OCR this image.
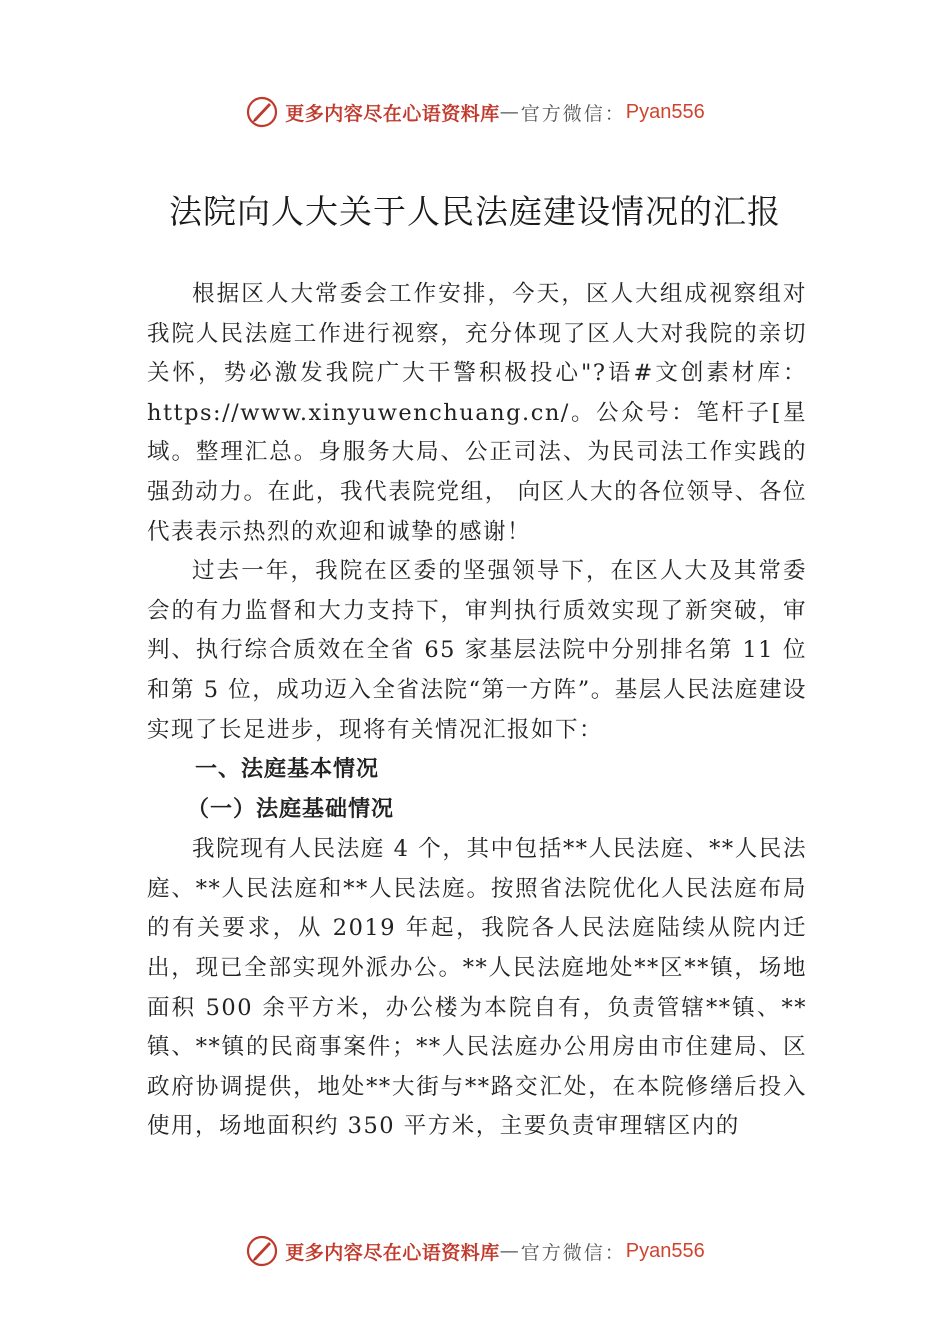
更多内容尽在心语资料库 — 官方微信： Pyan556
法院向人大关于人民法庭建设情况的汇报

根据区人大常委会工作安排，今天，区人大组成视察组对我院人民法庭工作进行视察，充分体现了区人大对我院的亲切关怀，势必激发我院广大干警积极投心"?语#文创素材库：https://www.xinyuwenchuang.cn/。公众号：笔杆子[星域。整理汇总。身服务大局、公正司法、为民司法工作实践的强劲动力。在此，我代表院党组， 向区人大的各位领导、各位代表表示热烈的欢迎和诚挚的感谢！

过去一年，我院在区委的坚强领导下，在区人大及其常委会的有力监督和大力支持下，审判执行质效实现了新突破，审判、执行综合质效在全省 65 家基层法院中分别排名第 11 位和第 5 位，成功迈入全省法院“第一方阵”。基层人民法庭建设实现了长足进步，现将有关情况汇报如下：

一、法庭基本情况

（一）法庭基础情况

我院现有人民法庭 4 个，其中包括**人民法庭、**人民法庭、**人民法庭和**人民法庭。按照省法院优化人民法庭布局的有关要求，从 2019 年起，我院各人民法庭陆续从院内迁出，现已全部实现外派办公。**人民法庭地处**区**镇，场地面积 500 余平方米，办公楼为本院自有，负责管辖**镇、**镇、**镇的民商事案件；**人民法庭办公用房由市住建局、区政府协调提供，地处**大街与**路交汇处，在本院修缮后投入使用，场地面积约 350 平方米，主要负责审理辖区内的

更多内容尽在心语资料库 — 官方微信： Pyan556
